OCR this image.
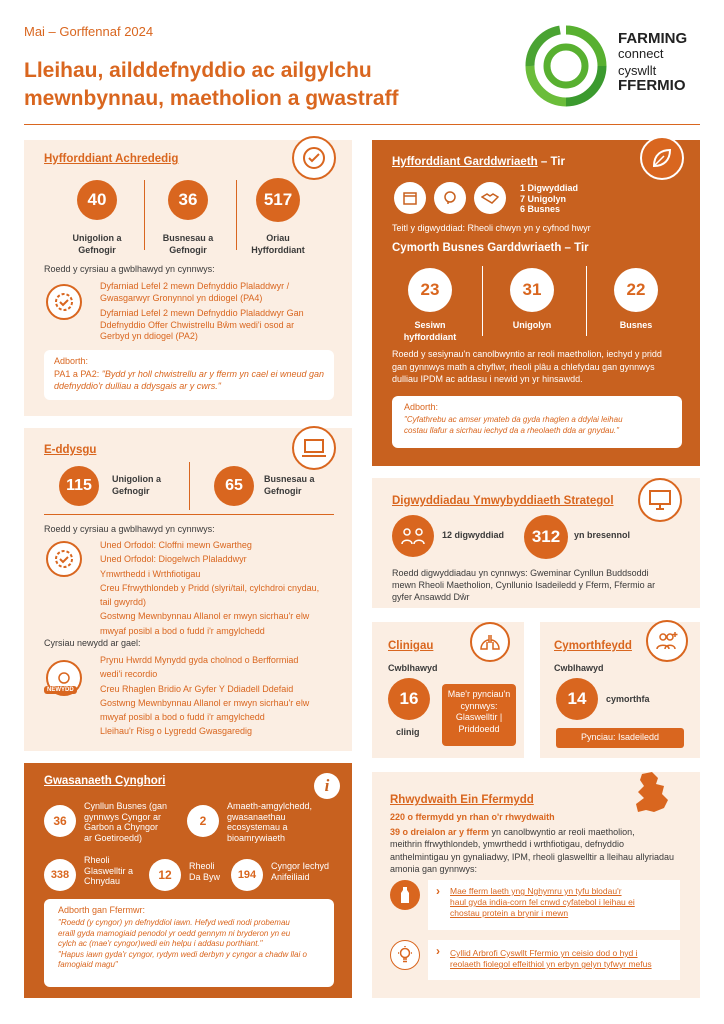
Mai – Gorffennaf 2024
Lleihau, ailddefnyddio ac ailgylchu
mewnbynnau, maetholion a gwastraff
FARMING
connect
cyswllt
FFERMIO
Hyfforddiant Achrededig
40
Unigolion a
Gefnogir
36
Busnesau a
Gefnogir
517
Oriau
Hyfforddiant
Roedd y cyrsiau a gwblhawyd yn cynnwys:
Dyfarniad Lefel 2 mewn Defnyddio Plaladdwyr /
Gwasgarwyr Gronynnol yn ddiogel (PA4)
Dyfarniad Lefel 2 mewn Defnyddio Plaladdwyr Gan
Ddefnyddio Offer Chwistrellu Bŵm wedi'i osod ar
Gerbyd yn ddiogel (PA2)
Adborth:
PA1 a PA2: "Bydd yr holl chwistrellu ar y fferm yn cael ei wneud gan
ddefnyddio'r dulliau a ddysgais ar y cwrs."
E-ddysgu
115	Unigolion a
Gefnogir	65	Busnesau a
Gefnogir
Roedd y cyrsiau a gwblhawyd yn cynnwys:
Uned Orfodol: Cloffni mewn Gwartheg
Uned Orfodol: Diogelwch Plaladdwyr
Ymwrthedd i Wrthfiotigau
Creu Ffrwythlondeb y Pridd (slyri/tail, cylchdroi cnydau,
tail gwyrdd)
Gostwng Mewnbynnau Allanol er mwyn sicrhau'r elw
mwyaf posibl a bod o fudd i'r amgylchedd
Cyrsiau newydd ar gael:
NEWYDD
Prynu Hwrdd Mynydd gyda cholnod o Berfformiad
wedi'i recordio
Creu Rhaglen Bridio Ar Gyfer Y Ddiadell Ddefaid
Gostwng Mewnbynnau Allanol er mwyn sicrhau'r elw
mwyaf posibl a bod o fudd i'r amgylchedd
Lleihau'r Risg o Lygredd Gwasgaredig
Gwasanaeth Cynghori	i
36
Cynllun Busnes (gan
gynnwys Cyngor ar
Garbon a Chyngor
ar Goetiroedd)
2
Amaeth-amgylchedd,
gwasanaethau
ecosystemau a
bioamrywiaeth
338
Rheoli
Glaswelltir a
Chnydau	12
Rheoli
Da Byw	194
Cyngor Iechyd
Anifeiliaid
Adborth gan Ffermwr:
"Roedd (y cyngor) yn defnyddiol iawn. Hefyd wedi nodi probemau
eraill gyda mamogiaid penodol yr oedd gennym ni bryderon yn eu
cylch ac (mae'r cyngor)wedi ein helpu i addasu porthiant."
"Hapus iawn gyda'r cyngor, rydym wedi derbyn y cyngor a chadw llai o
famogiaid magu"
Hyfforddiant Garddwriaeth – Tir
1 Digwyddiad
7 Unigolyn
6 Busnes
Teitl y digwyddiad: Rheoli chwyn yn y cyfnod hwyr
Cymorth Busnes Garddwriaeth – Tir
23
Sesiwn
hyfforddiant
31
Unigolyn
22
Busnes
Roedd y sesiynau'n canolbwyntio ar reoli maetholion, iechyd y pridd
gan gynnwys math a chyflwr, rheoli plâu a chlefydau gan gynnwys
dulliau IPDM ac addasu i newid yn yr hinsawdd.
Adborth:
"Cyfathrebu ac amser ymateb da gyda rhaglen a ddylai leihau
costau llafur a sicrhau iechyd da a rheolaeth dda ar gnydau."
Digwyddiadau Ymwybyddiaeth Strategol
12 digwyddiad	312	yn bresennol
Roedd digwyddiadau yn cynnwys: Gweminar Cynllun Buddsoddi
mewn Rheoli Maetholion, Cynllunio Isadeiledd y Fferm, Ffermio ar
gyfer Ansawdd Dŵr
Clinigau
Cwblhawyd
16
clinig
Mae'r pynciau'n
cynnwys:
Glaswelltir |
Priddoedd
Cymorthfeydd
Cwblhawyd
14	cymorthfa
Pynciau: Isadeiledd
Rhwydwaith Ein Ffermydd
220 o ffermydd yn rhan o'r rhwydwaith
39 o dreialon ar y fferm yn canolbwyntio ar reoli maetholion,
meithrin ffrwythlondeb, ymwrthedd i wrthfiotigau, defnyddio
anthelmintigau yn gynaliadwy, IPM, rheoli glaswelltir a lleihau allyriadau
amonia gan gynnwys:
› Mae fferm laeth yng Nghymru yn tyfu blodau'r
haul gyda india-corn fel cnwd cyfatebol i leihau ei
chostau protein a brynir i mewn
› Cyllid Arbrofi Cyswllt Ffermio yn ceisio dod o hyd i
reolaeth fiolegol effeithiol yn erbyn gelyn tyfwyr mefus
